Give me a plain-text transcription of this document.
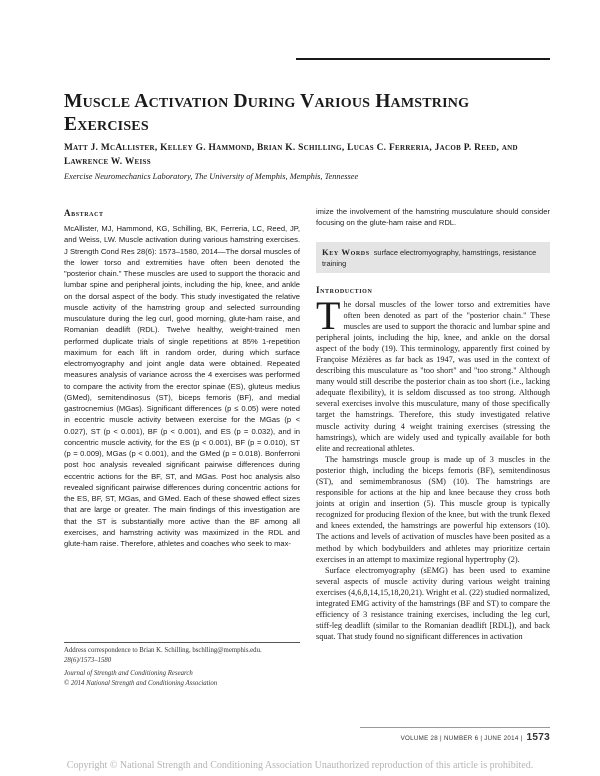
Muscle Activation During Various Hamstring Exercises
Matt J. McAllister, Kelley G. Hammond, Brian K. Schilling, Lucas C. Ferreria, Jacob P. Reed, and Lawrence W. Weiss
Exercise Neuromechanics Laboratory, The University of Memphis, Memphis, Tennessee
Abstract

McAllister, MJ, Hammond, KG, Schilling, BK, Ferreria, LC, Reed, JP, and Weiss, LW. Muscle activation during various hamstring exercises. J Strength Cond Res 28(6): 1573–1580, 2014—The dorsal muscles of the lower torso and extremities have often been denoted the "posterior chain." These muscles are used to support the thoracic and lumbar spine and peripheral joints, including the hip, knee, and ankle on the dorsal aspect of the body. This study investigated the relative muscle activity of the hamstring group and selected surrounding musculature during the leg curl, good morning, glute-ham raise, and Romanian deadlift (RDL). Twelve healthy, weight-trained men performed duplicate trials of single repetitions at 85% 1-repetition maximum for each lift in random order, during which surface electromyography and joint angle data were obtained. Repeated measures analysis of variance across the 4 exercises was performed to compare the activity from the erector spinae (ES), gluteus medius (GMed), semitendinosus (ST), biceps femoris (BF), and medial gastrocnemius (MGas). Significant differences (p ≤ 0.05) were noted in eccentric muscle activity between exercise for the MGas (p < 0.027), ST (p < 0.001), BF (p < 0.001), and ES (p = 0.032), and in concentric muscle activity, for the ES (p < 0.001), BF (p = 0.010), ST (p = 0.009), MGas (p < 0.001), and the GMed (p = 0.018). Bonferroni post hoc analysis revealed significant pairwise differences during eccentric actions for the BF, ST, and MGas. Post hoc analysis also revealed significant pairwise differences during concentric actions for the ES, BF, ST, MGas, and GMed. Each of these showed effect sizes that are large or greater. The main findings of this investigation are that the ST is substantially more active than the BF among all exercises, and hamstring activity was maximized in the RDL and glute-ham raise. Therefore, athletes and coaches who seek to max-

imize the involvement of the hamstring musculature should consider focusing on the glute-ham raise and RDL.

Key Words surface electromyography, hamstrings, resistance training
Introduction

The dorsal muscles of the lower torso and extremities have often been denoted as part of the "posterior chain." These muscles are used to support the thoracic and lumbar spine and peripheral joints, including the hip, knee, and ankle on the dorsal aspect of the body (19). This terminology, apparently first coined by Françoise Mézières as far back as 1947, was used in the context of describing this musculature as "too short" and "too strong." Although many would still describe the posterior chain as too short (i.e., lacking adequate flexibility), it is seldom discussed as too strong. Although several exercises involve this musculature, many of those specifically target the hamstrings. Therefore, this study investigated relative muscle activity during 4 weight training exercises (stressing the hamstrings), which are widely used and typically available for both elite and recreational athletes.

The hamstrings muscle group is made up of 3 muscles in the posterior thigh, including the biceps femoris (BF), semitendinosus (ST), and semimembranosus (SM) (10). The hamstrings are responsible for actions at the hip and knee because they cross both joints at origin and insertion (5). This muscle group is typically recognized for producing flexion of the knee, but with the trunk flexed and knees extended, the hamstrings are powerful hip extensors (10). The actions and levels of activation of muscles have been posited as a method by which bodybuilders and athletes may prioritize certain exercises in an attempt to maximize regional hypertrophy (2).

Surface electromyography (sEMG) has been used to examine several aspects of muscle activity during various weight training exercises (4,6,8,14,15,18,20,21). Wright et al. (22) studied normalized, integrated EMG activity of the hamstrings (BF and ST) to compare the efficiency of 3 resistance training exercises, including the leg curl, stiff-leg deadlift (similar to the Romanian deadlift [RDL]), and back squat. That study found no significant differences in activation

Address correspondence to Brian K. Schilling, bschlling@memphis.edu.
28(6)/1573–1580
Journal of Strength and Conditioning Research
© 2014 National Strength and Conditioning Association
VOLUME 28 | NUMBER 6 | JUNE 2014 | 1573
Copyright © National Strength and Conditioning Association Unauthorized reproduction of this article is prohibited.
